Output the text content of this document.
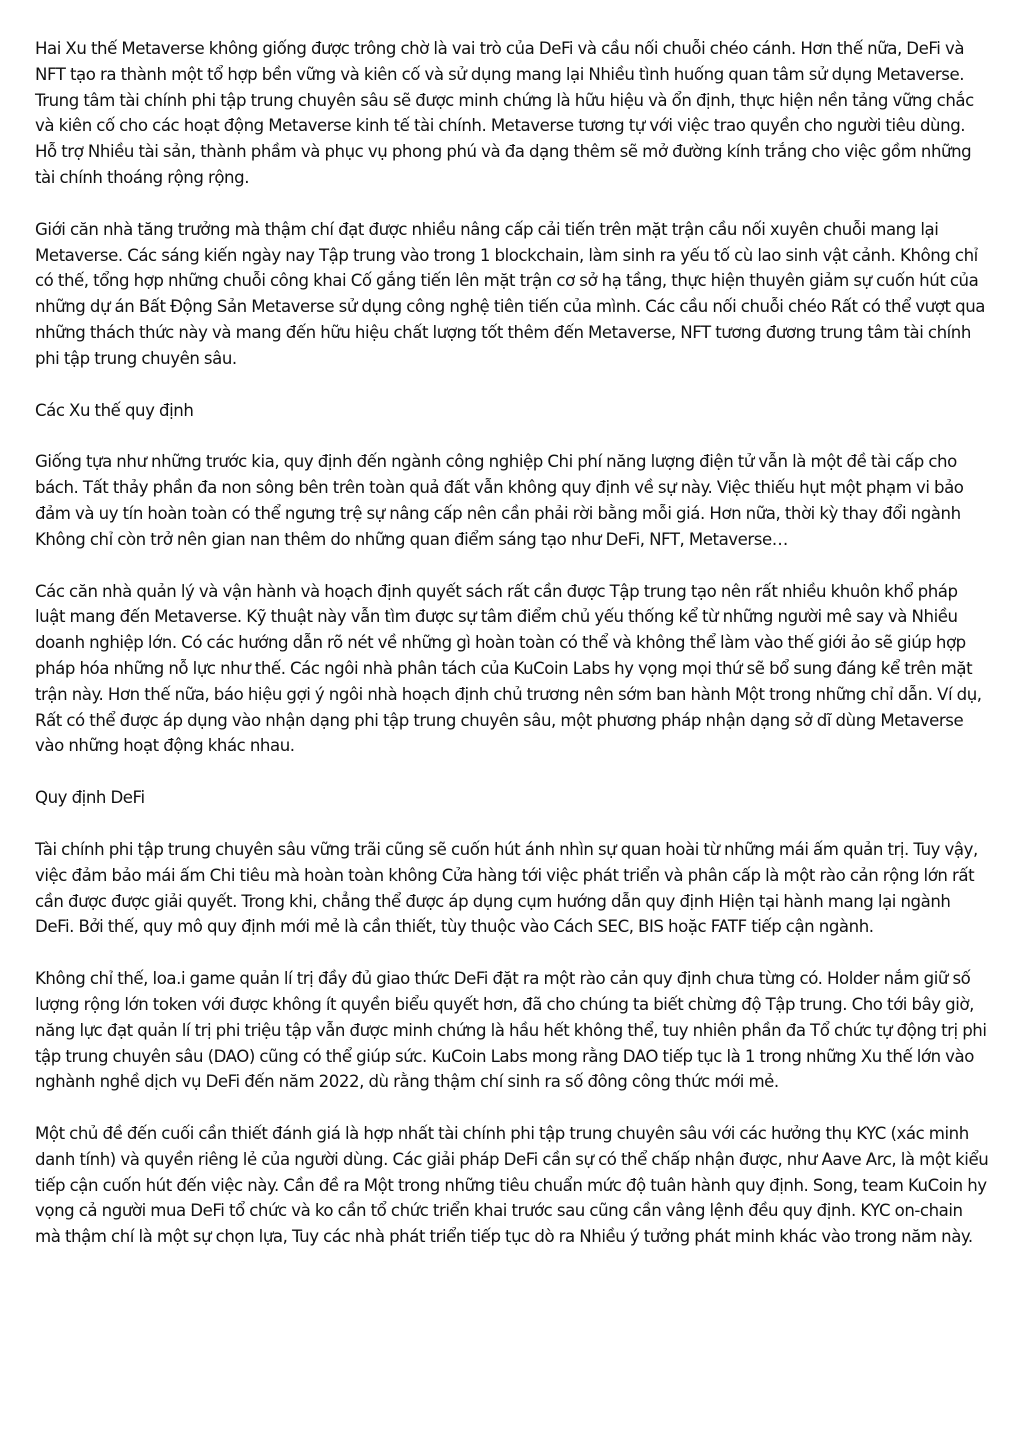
Hai Xu thế Metaverse không giống được trông chờ là vai trò của DeFi và cầu nối chuỗi chéo cánh. Hơn thế nữa, DeFi và NFT tạo ra thành một tổ hợp bền vững và kiên cố và sử dụng mang lại Nhiều tình huống quan tâm sử dụng Metaverse. Trung tâm tài chính phi tập trung chuyên sâu sẽ được minh chứng là hữu hiệu và ổn định, thực hiện nền tảng vững chắc và kiên cố cho các hoạt động Metaverse kinh tế tài chính. Metaverse tương tự với việc trao quyền cho người tiêu dùng. Hỗ trợ Nhiều tài sản, thành phầm và phục vụ phong phú và đa dạng thêm sẽ mở đường kính trắng cho việc gồm những tài chính thoáng rộng rộng.

Giới căn nhà tăng trưởng mà thậm chí đạt được nhiều nâng cấp cải tiến trên mặt trận cầu nối xuyên chuỗi mang lại Metaverse. Các sáng kiến ngày nay Tập trung vào trong 1 blockchain, làm sinh ra yếu tố cù lao sinh vật cảnh. Không chỉ có thế, tổng hợp những chuỗi công khai Cố gắng tiến lên mặt trận cơ sở hạ tầng, thực hiện thuyên giảm sự cuốn hút của những dự án Bất Động Sản Metaverse sử dụng công nghệ tiên tiến của mình. Các cầu nối chuỗi chéo Rất có thể vượt qua những thách thức này và mang đến hữu hiệu chất lượng tốt thêm đến Metaverse, NFT tương đương trung tâm tài chính phi tập trung chuyên sâu.

Các Xu thế quy định

Giống tựa như những trước kia, quy định đến ngành công nghiệp Chi phí năng lượng điện tử vẫn là một đề tài cấp cho bách. Tất thảy phần đa non sông bên trên toàn quả đất vẫn không quy định về sự này. Việc thiếu hụt một phạm vi bảo đảm và uy tín hoàn toàn có thể ngưng trệ sự nâng cấp nên cần phải rời bằng mỗi giá. Hơn nữa, thời kỳ thay đổi ngành Không chỉ còn trở nên gian nan thêm do những quan điểm sáng tạo như DeFi, NFT, Metaverse…

Các căn nhà quản lý và vận hành và hoạch định quyết sách rất cần được Tập trung tạo nên rất nhiều khuôn khổ pháp luật mang đến Metaverse. Kỹ thuật này vẫn tìm được sự tâm điểm chủ yếu thống kể từ những người mê say và Nhiều doanh nghiệp lớn. Có các hướng dẫn rõ nét về những gì hoàn toàn có thể và không thể làm vào thế giới ảo sẽ giúp hợp pháp hóa những nỗ lực như thế. Các ngôi nhà phân tách của KuCoin Labs hy vọng mọi thứ sẽ bổ sung đáng kể trên mặt trận này. Hơn thế nữa, báo hiệu gợi ý ngôi nhà hoạch định chủ trương nên sớm ban hành Một trong những chỉ dẫn. Ví dụ, Rất có thể được áp dụng vào nhận dạng phi tập trung chuyên sâu, một phương pháp nhận dạng sở dĩ dùng Metaverse vào những hoạt động khác nhau.

Quy định DeFi

Tài chính phi tập trung chuyên sâu vững trãi cũng sẽ cuốn hút ánh nhìn sự quan hoài từ những mái ấm quản trị. Tuy vậy, việc đảm bảo mái ấm Chi tiêu mà hoàn toàn không Cửa hàng tới việc phát triển và phân cấp là một rào cản rộng lớn rất cần được được giải quyết. Trong khi, chẳng thể được áp dụng cụm hướng dẫn quy định Hiện tại hành mang lại ngành DeFi. Bởi thế, quy mô quy định mới mẻ là cần thiết, tùy thuộc vào Cách SEC, BIS hoặc FATF tiếp cận ngành.

Không chỉ thế, loa.i game quản lí trị đầy đủ giao thức DeFi đặt ra một rào cản quy định chưa từng có. Holder nắm giữ số lượng rộng lớn token với được không ít quyền biểu quyết hơn, đã cho chúng ta biết chừng độ Tập trung. Cho tới bây giờ, năng lực đạt quản lí trị phi triệu tập vẫn được minh chứng là hầu hết không thể, tuy nhiên phần đa Tổ chức tự động trị phi tập trung chuyên sâu (DAO) cũng có thể giúp sức. KuCoin Labs mong rằng DAO tiếp tục là 1 trong những Xu thế lớn vào nghành nghề dịch vụ DeFi đến năm 2022, dù rằng thậm chí sinh ra số đông công thức mới mẻ.

Một chủ đề đến cuối cần thiết đánh giá là hợp nhất tài chính phi tập trung chuyên sâu với các hưởng thụ KYC (xác minh danh tính) và quyền riêng lẻ của người dùng. Các giải pháp DeFi cần sự có thể chấp nhận được, như Aave Arc, là một kiểu tiếp cận cuốn hút đến việc này. Cần đề ra Một trong những tiêu chuẩn mức độ tuân hành quy định. Song, team KuCoin hy vọng cả người mua DeFi tổ chức và ko cần tổ chức triển khai trước sau cũng cần vâng lệnh đều quy định. KYC on-chain mà thậm chí là một sự chọn lựa, Tuy các nhà phát triển tiếp tục dò ra Nhiều ý tưởng phát minh khác vào trong năm này.
